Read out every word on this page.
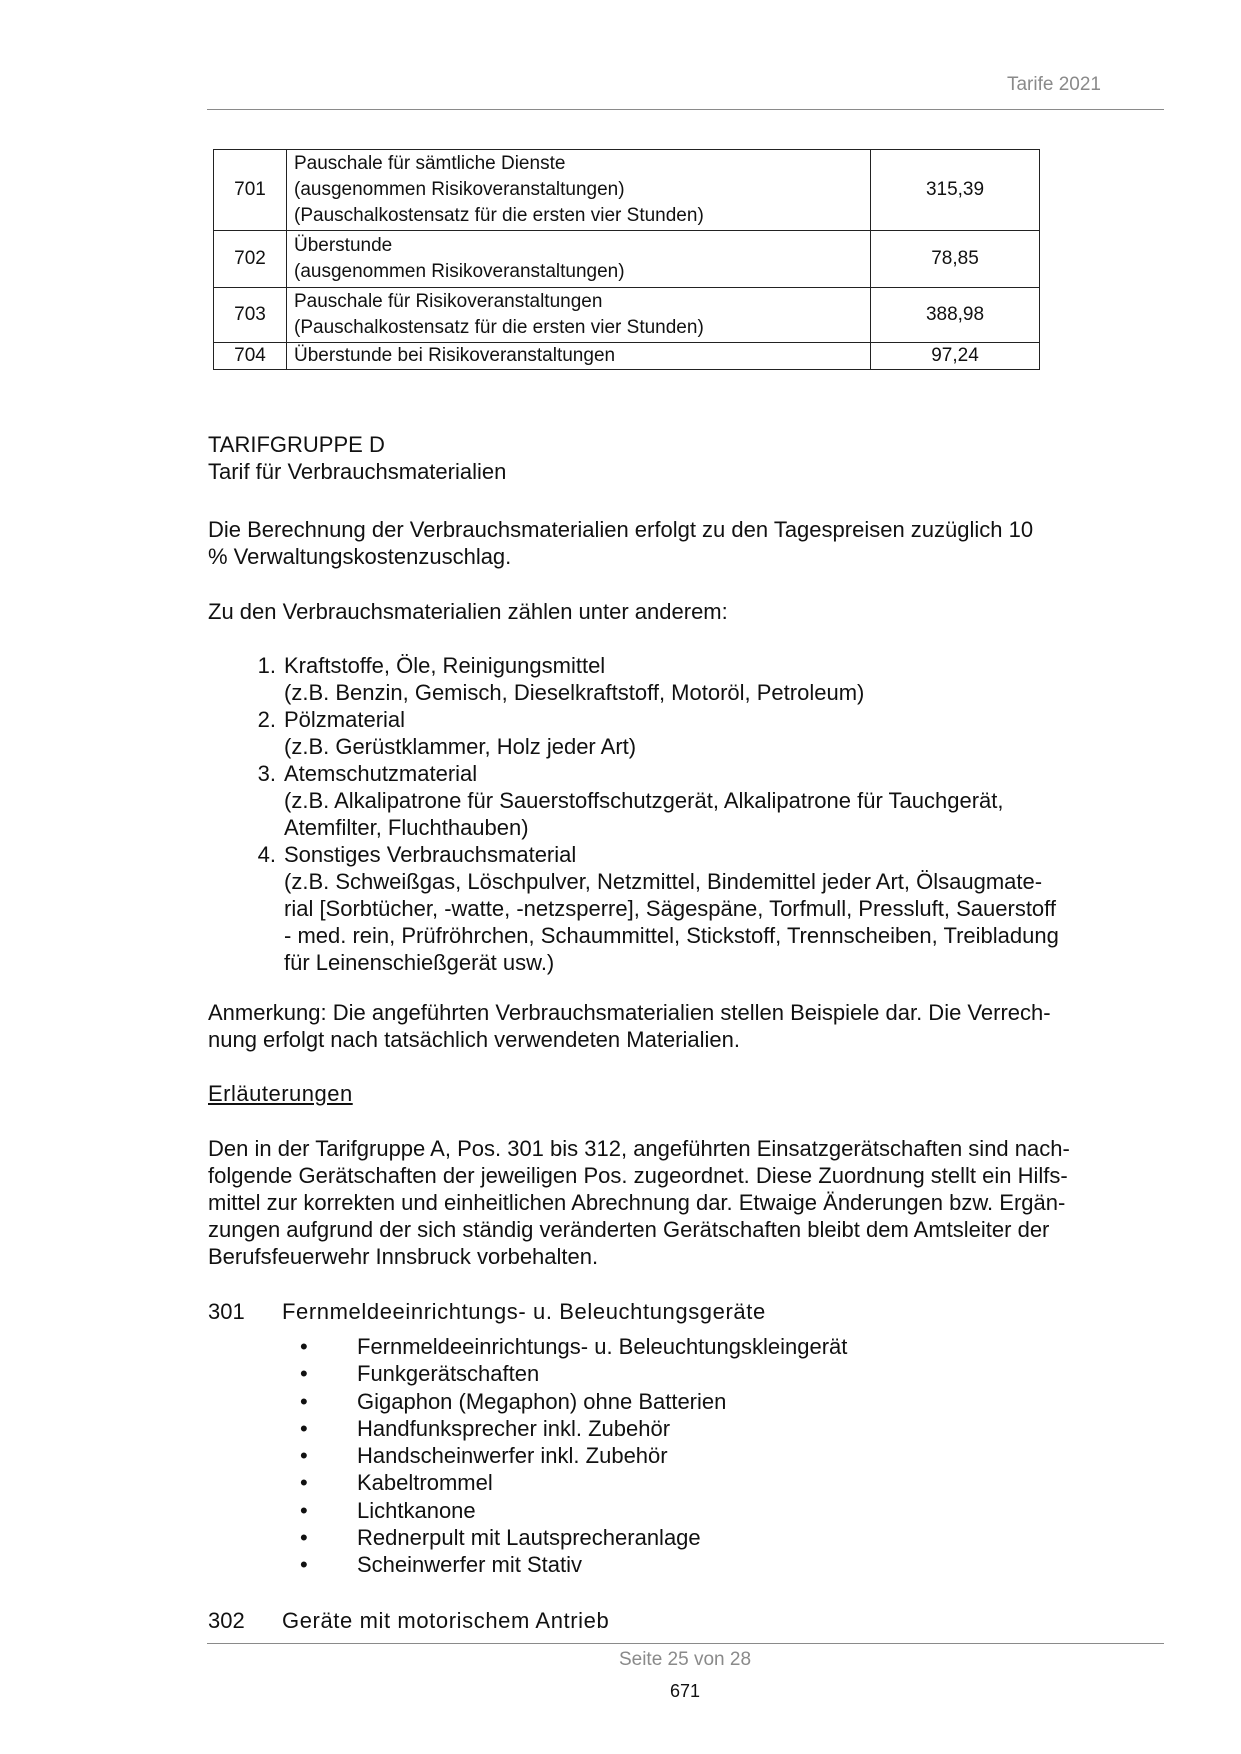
Tarife 2021
701	Pauschale für sämtliche Dienste
(ausgenommen Risikoveranstaltungen)
(Pauschalkostensatz für die ersten vier Stunden)	315,39
702	Überstunde
(ausgenommen Risikoveranstaltungen)	78,85
703	Pauschale für Risikoveranstaltungen
(Pauschalkostensatz für die ersten vier Stunden)	388,98
704	Überstunde bei Risikoveranstaltungen	97,24
TARIFGRUPPE D
Tarif für Verbrauchsmaterialien
Die Berechnung der Verbrauchsmaterialien erfolgt zu den Tagespreisen zuzüglich 10
% Verwaltungskostenzuschlag.
Zu den Verbrauchsmaterialien zählen unter anderem:
1. Kraftstoffe, Öle, Reinigungsmittel
(z.B. Benzin, Gemisch, Dieselkraftstoff, Motoröl, Petroleum)
2. Pölzmaterial
(z.B. Gerüstklammer, Holz jeder Art)
3. Atemschutzmaterial
(z.B. Alkalipatrone für Sauerstoffschutzgerät, Alkalipatrone für Tauchgerät,
Atemfilter, Fluchthauben)
4. Sonstiges Verbrauchsmaterial
(z.B. Schweißgas, Löschpulver, Netzmittel, Bindemittel jeder Art, Ölsaugmate-
rial [Sorbtücher, -watte, -netzsperre], Sägespäne, Torfmull, Pressluft, Sauerstoff
- med. rein, Prüfröhrchen, Schaummittel, Stickstoff, Trennscheiben, Treibladung
für Leinenschießgerät usw.)
Anmerkung: Die angeführten Verbrauchsmaterialien stellen Beispiele dar. Die Verrech-
nung erfolgt nach tatsächlich verwendeten Materialien.
Erläuterungen
Den in der Tarifgruppe A, Pos. 301 bis 312, angeführten Einsatzgerätschaften sind nach-
folgende Gerätschaften der jeweiligen Pos. zugeordnet. Diese Zuordnung stellt ein Hilfs-
mittel zur korrekten und einheitlichen Abrechnung dar. Etwaige Änderungen bzw. Ergän-
zungen aufgrund der sich ständig veränderten Gerätschaften bleibt dem Amtsleiter der
Berufsfeuerwehr Innsbruck vorbehalten.
301 Fernmeldeeinrichtungs- u. Beleuchtungsgeräte
• Fernmeldeeinrichtungs- u. Beleuchtungskleingerät
• Funkgerätschaften
• Gigaphon (Megaphon) ohne Batterien
• Handfunksprecher inkl. Zubehör
• Handscheinwerfer inkl. Zubehör
• Kabeltrommel
• Lichtkanone
• Rednerpult mit Lautsprecheranlage
• Scheinwerfer mit Stativ
302 Geräte mit motorischem Antrieb
Seite 25 von 28
671
